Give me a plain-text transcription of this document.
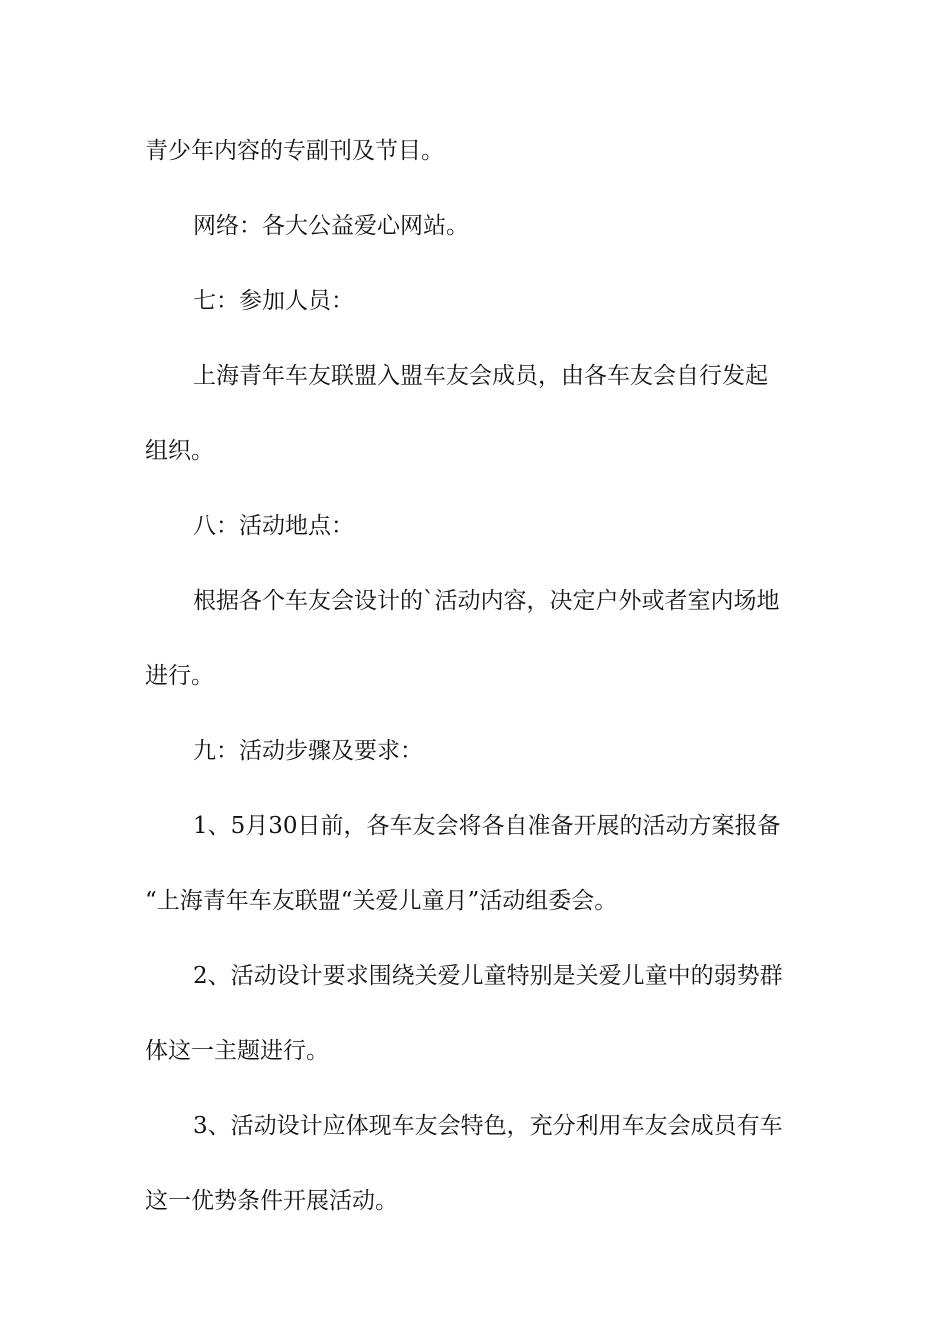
青少年内容的专副刊及节目。

网络：各大公益爱心网站。

七：参加人员：

上海青年车友联盟入盟车友会成员，由各车友会自行发起

组织。

八：活动地点：

根据各个车友会设计的`活动内容，决定户外或者室内场地

进行。

九：活动步骤及要求：

1、5月30日前，各车友会将各自准备开展的活动方案报备

“上海青年车友联盟“关爱儿童月”活动组委会。

2、活动设计要求围绕关爱儿童特别是关爱儿童中的弱势群

体这一主题进行。

3、活动设计应体现车友会特色，充分利用车友会成员有车

这一优势条件开展活动。
